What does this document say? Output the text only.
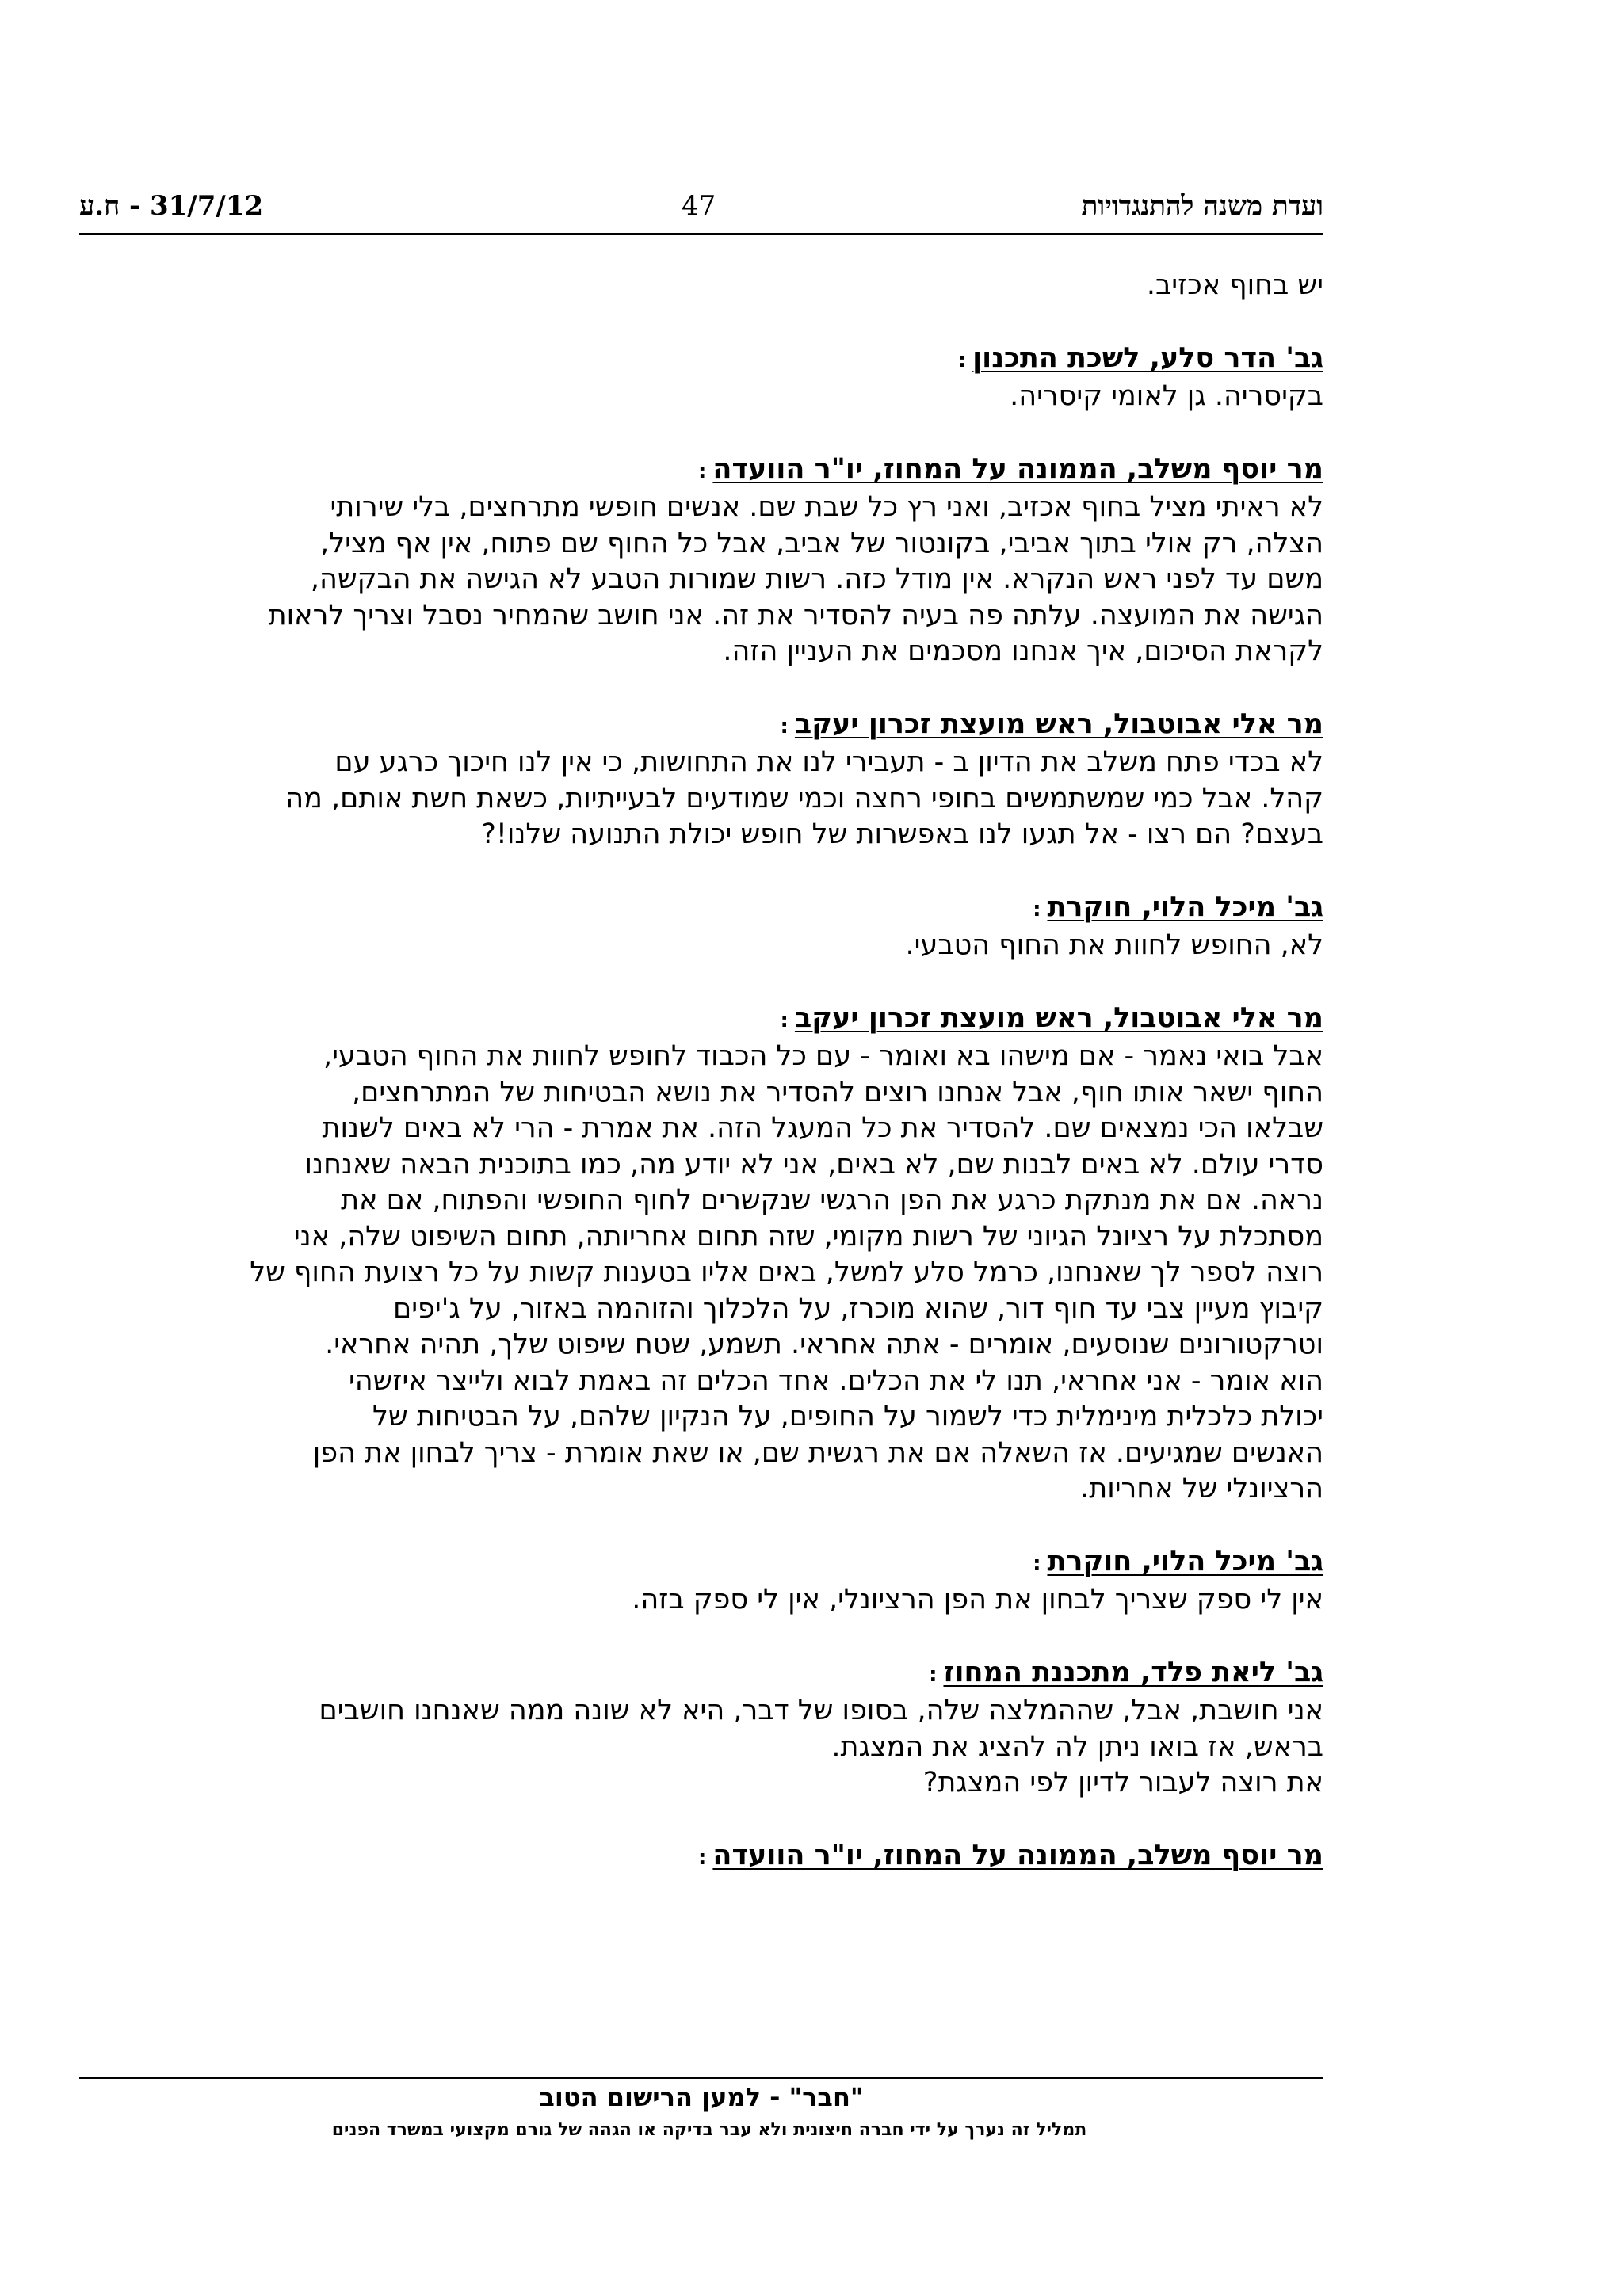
ועדת משנה להתנגדויות
47
31/7/12 - ח.ע

יש בחוף אכזיב.

גב' הדר סלע, לשכת התכנון:

בקיסריה. גן לאומי קיסריה.

מר יוסף משלב, הממונה על המחוז, יו"ר הוועדה:

לא ראיתי מציל בחוף אכזיב, ואני רץ כל שבת שם. אנשים חופשי מתרחצים, בלי שירותי
הצלה, רק אולי בתוך אביבי, בקונטור של אביב, אבל כל החוף שם פתוח, אין אף מציל,
משם עד לפני ראש הנקרא. אין מודל כזה. רשות שמורות הטבע לא הגישה את הבקשה,
הגישה את המועצה. עלתה פה בעיה להסדיר את זה. אני חושב שהמחיר נסבל וצריך לראות
לקראת הסיכום, איך אנחנו מסכמים את העניין הזה.

מר אלי אבוטבול, ראש מועצת זכרון יעקב:

לא בכדי פתח משלב את הדיון ב - תעבירי לנו את התחושות, כי אין לנו חיכוך כרגע עם
קהל. אבל כמי שמשתמשים בחופי רחצה וכמי שמודעים לבעייתיות, כשאת חשת אותם, מה
בעצם? הם רצו - אל תגעו לנו באפשרות של חופש יכולת התנועה שלנו!?

גב' מיכל הלוי, חוקרת:

לא, החופש לחוות את החוף הטבעי.

מר אלי אבוטבול, ראש מועצת זכרון יעקב:

אבל בואי נאמר - אם מישהו בא ואומר - עם כל הכבוד לחופש לחוות את החוף הטבעי,
החוף ישאר אותו חוף, אבל אנחנו רוצים להסדיר את נושא הבטיחות של המתרחצים,
שבלאו הכי נמצאים שם. להסדיר את כל המעגל הזה. את אמרת - הרי לא באים לשנות
סדרי עולם. לא באים לבנות שם, לא באים, אני לא יודע מה, כמו בתוכנית הבאה שאנחנו
נראה. אם את מנתקת כרגע את הפן הרגשי שנקשרים לחוף החופשי והפתוח, אם את
מסתכלת על רציונל הגיוני של רשות מקומי, שזה תחום אחריותה, תחום השיפוט שלה, אני
רוצה לספר לך שאנחנו, כרמל סלע למשל, באים אליו בטענות קשות על כל רצועת החוף של
קיבוץ מעיין צבי עד חוף דור, שהוא מוכרז, על הלכלוך והזוהמה באזור, על ג'יפים
וטרקטורונים שנוסעים, אומרים - אתה אחראי. תשמע, שטח שיפוט שלך, תהיה אחראי.
הוא אומר - אני אחראי, תנו לי את הכלים. אחד הכלים זה באמת לבוא ולייצר איזשהי
יכולת כלכלית מינימלית כדי לשמור על החופים, על הנקיון שלהם, על הבטיחות של
האנשים שמגיעים. אז השאלה אם את רגשית שם, או שאת אומרת - צריך לבחון את הפן
הרציונלי של אחריות.

גב' מיכל הלוי, חוקרת:

אין לי ספק שצריך לבחון את הפן הרציונלי, אין לי ספק בזה.

גב' ליאת פלד, מתכננת המחוז:

אני חושבת, אבל, שההמלצה שלה, בסופו של דבר, היא לא שונה ממה שאנחנו חושבים
בראש, אז בואו ניתן לה להציג את המצגת.
את רוצה לעבור לדיון לפי המצגת?

מר יוסף משלב, הממונה על המחוז, יו"ר הוועדה:

"חבר" - למען הרישום הטוב
תמליל זה נערך על ידי חברה חיצונית ולא עבר בדיקה או הגהה של גורם מקצועי במשרד הפנים
